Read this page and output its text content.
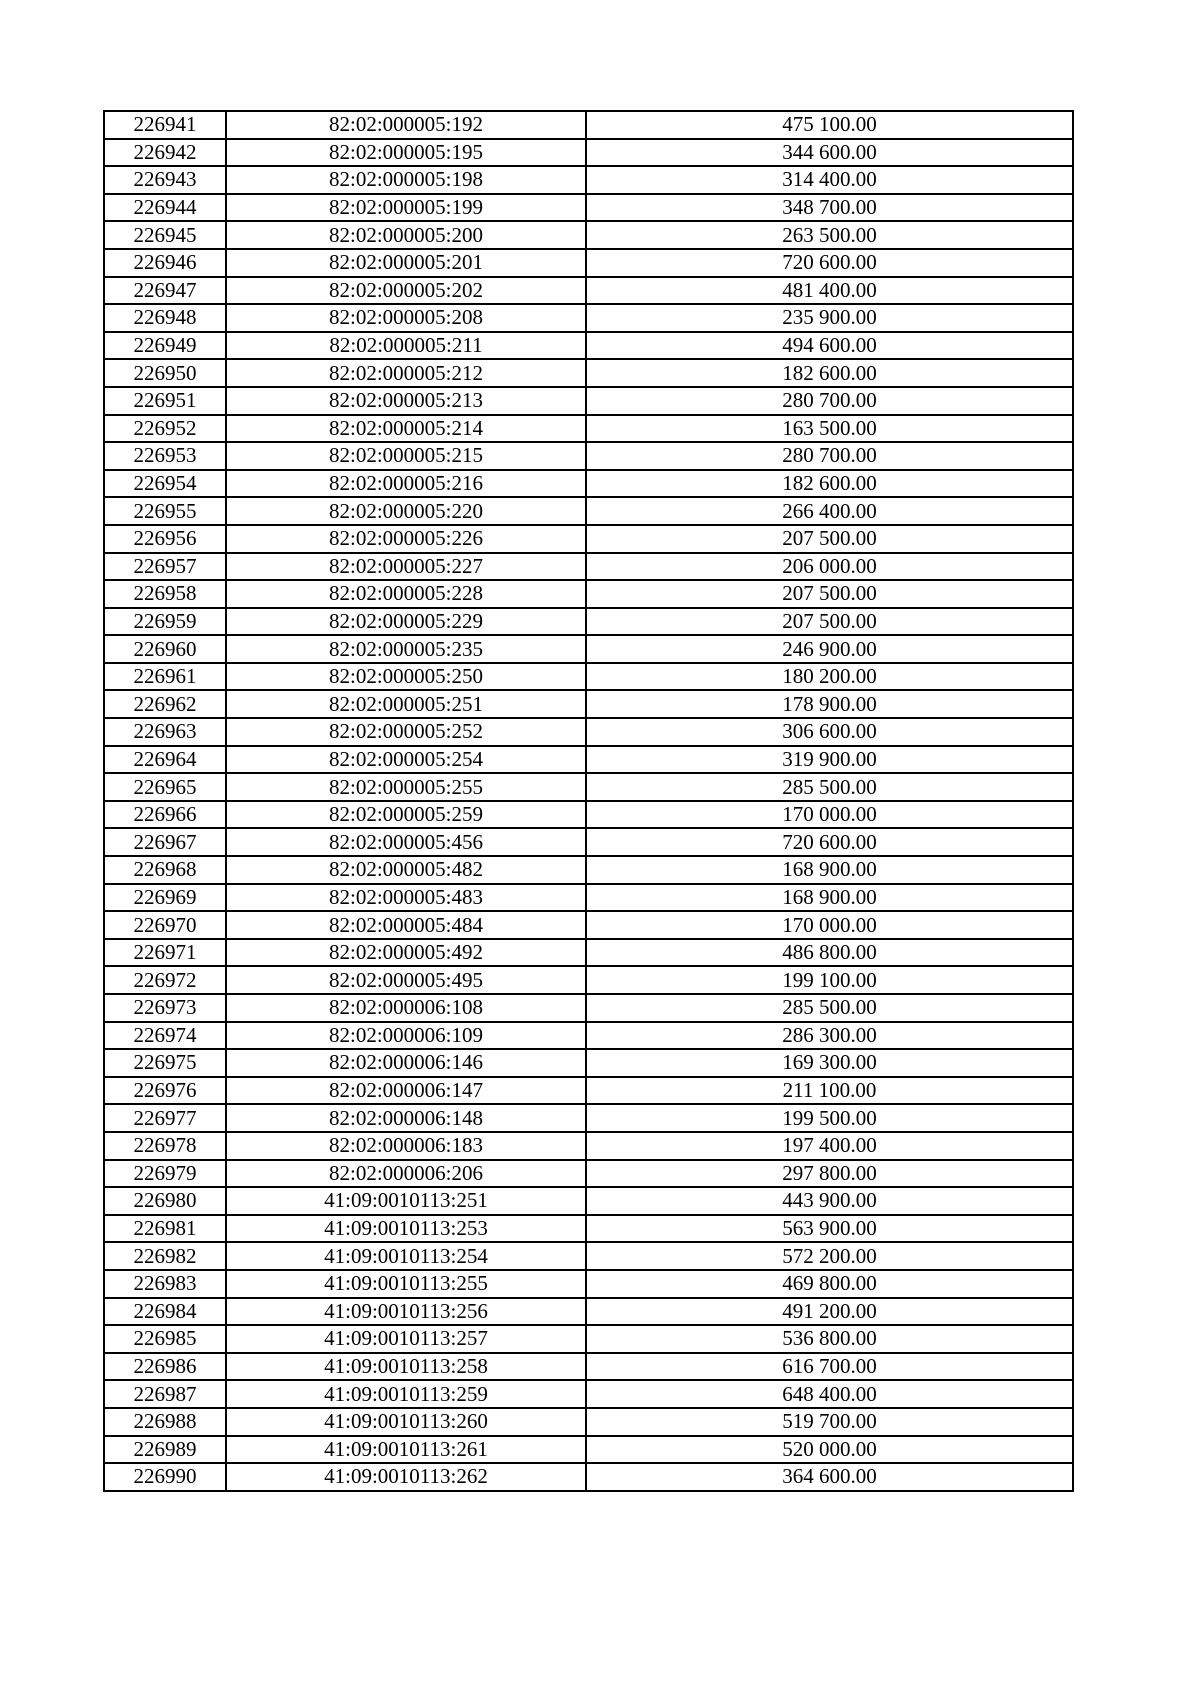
226941	82:02:000005:192	475 100.00
226942	82:02:000005:195	344 600.00
226943	82:02:000005:198	314 400.00
226944	82:02:000005:199	348 700.00
226945	82:02:000005:200	263 500.00
226946	82:02:000005:201	720 600.00
226947	82:02:000005:202	481 400.00
226948	82:02:000005:208	235 900.00
226949	82:02:000005:211	494 600.00
226950	82:02:000005:212	182 600.00
226951	82:02:000005:213	280 700.00
226952	82:02:000005:214	163 500.00
226953	82:02:000005:215	280 700.00
226954	82:02:000005:216	182 600.00
226955	82:02:000005:220	266 400.00
226956	82:02:000005:226	207 500.00
226957	82:02:000005:227	206 000.00
226958	82:02:000005:228	207 500.00
226959	82:02:000005:229	207 500.00
226960	82:02:000005:235	246 900.00
226961	82:02:000005:250	180 200.00
226962	82:02:000005:251	178 900.00
226963	82:02:000005:252	306 600.00
226964	82:02:000005:254	319 900.00
226965	82:02:000005:255	285 500.00
226966	82:02:000005:259	170 000.00
226967	82:02:000005:456	720 600.00
226968	82:02:000005:482	168 900.00
226969	82:02:000005:483	168 900.00
226970	82:02:000005:484	170 000.00
226971	82:02:000005:492	486 800.00
226972	82:02:000005:495	199 100.00
226973	82:02:000006:108	285 500.00
226974	82:02:000006:109	286 300.00
226975	82:02:000006:146	169 300.00
226976	82:02:000006:147	211 100.00
226977	82:02:000006:148	199 500.00
226978	82:02:000006:183	197 400.00
226979	82:02:000006:206	297 800.00
226980	41:09:0010113:251	443 900.00
226981	41:09:0010113:253	563 900.00
226982	41:09:0010113:254	572 200.00
226983	41:09:0010113:255	469 800.00
226984	41:09:0010113:256	491 200.00
226985	41:09:0010113:257	536 800.00
226986	41:09:0010113:258	616 700.00
226987	41:09:0010113:259	648 400.00
226988	41:09:0010113:260	519 700.00
226989	41:09:0010113:261	520 000.00
226990	41:09:0010113:262	364 600.00
